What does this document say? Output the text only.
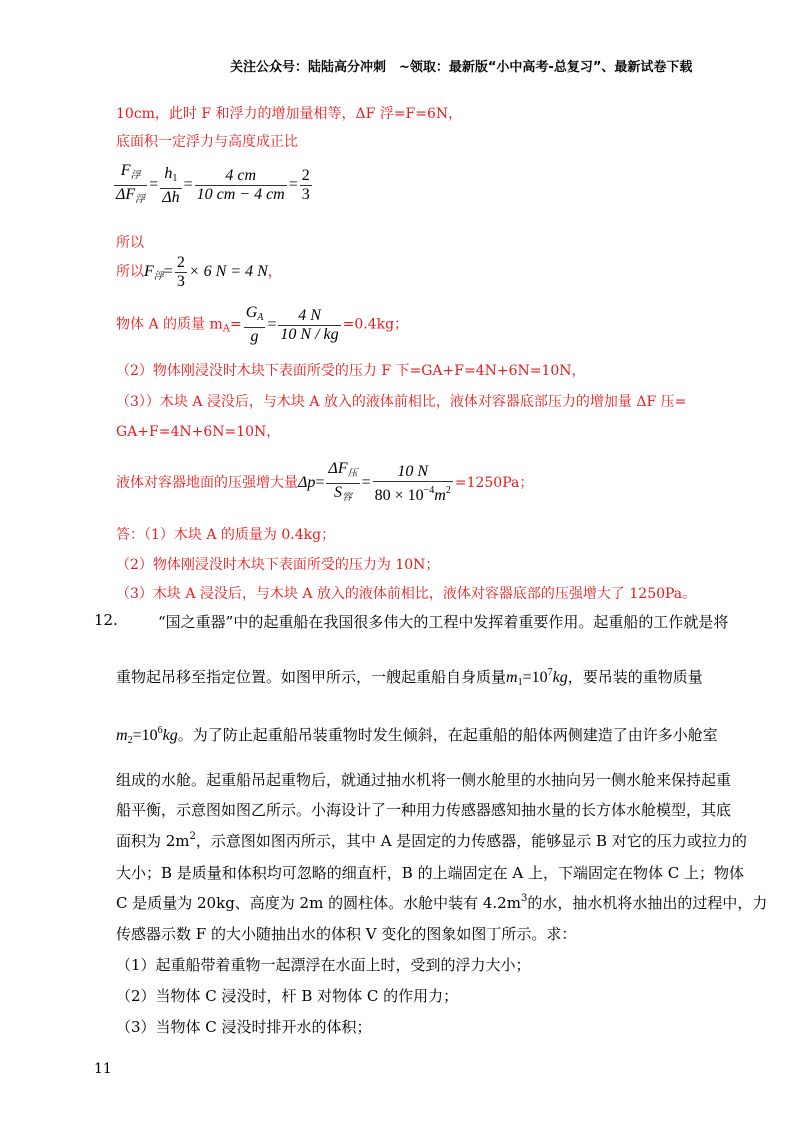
关注公众号：陆陆高分冲刺　~领取：最新版“小中高考-总复习”、最新试卷下载
10cm，此时 F 和浮力的增加量相等，ΔF 浮=F=6N，
底面积一定浮力与高度成正比
$\frac{F_浮}{\Delta F_浮} = \frac{h_1}{\Delta h} = \frac{4 cm}{10 cm - 4 cm} = \frac{2}{3}$
所以
所以$F_浮= \frac{2}{3} \times 6$ N = 4 N，
物体 A 的质量 $m_A= \frac{G_A}{g} = \frac{4 N}{10 N / kg} =0.4kg$；
（2）物体刚浸没时木块下表面所受的压力 F 下=GA+F=4N+6N=10N，
（3））木块 A 浸没后，与木块 A 放入的液体前相比，液体对容器底部压力的增加量 ΔF 压=
GA+F=4N+6N=10N，
液体对容器地面的压强增大量$\Delta p= \frac{\Delta F_压}{S_容} = \frac{10 N}{80 \times 10^{-4}m^2} =1250Pa$；
答：（1）木块 A 的质量为 0.4kg；
（2）物体刚浸没时木块下表面所受的压力为 10N；
（3）木块 A 浸没后，与木块 A 放入的液体前相比，液体对容器底部的压强增大了 1250Pa。
12.	“国之重器”中的起重船在我国很多伟大的工程中发挥着重要作用。起重船的工作就是将
重物起吊移至指定位置。如图甲所示，一艘起重船自身质量$m_1=10^7kg$，要吊装的重物质量
$m_2=10^6kg$。为了防止起重船吊装重物时发生倾斜，在起重船的船体两侧建造了由许多小舱室
组成的水舱。起重船吊起重物后，就通过抽水机将一侧水舱里的水抽向另一侧水舱来保持起重
船平衡，示意图如图乙所示。小海设计了一种用力传感器感知抽水量的长方体水舱模型，其底
面积为 $2m^2$，示意图如图丙所示，其中 A 是固定的力传感器，能够显示 B 对它的压力或拉力的
大小；B 是质量和体积均可忽略的细直杆，B 的上端固定在 A 上，下端固定在物体 C 上；物体
C 是质量为 20kg、高度为 2m 的圆柱体。水舱中装有 $4.2m^3$的水，抽水机将水抽出的过程中，力
传感器示数 F 的大小随抽出水的体积 V 变化的图象如图丁所示。求：
（1）起重船带着重物一起漂浮在水面上时，受到的浮力大小；
（2）当物体 C 浸没时，杆 B 对物体 C 的作用力；
（3）当物体 C 浸没时排开水的体积；
11
